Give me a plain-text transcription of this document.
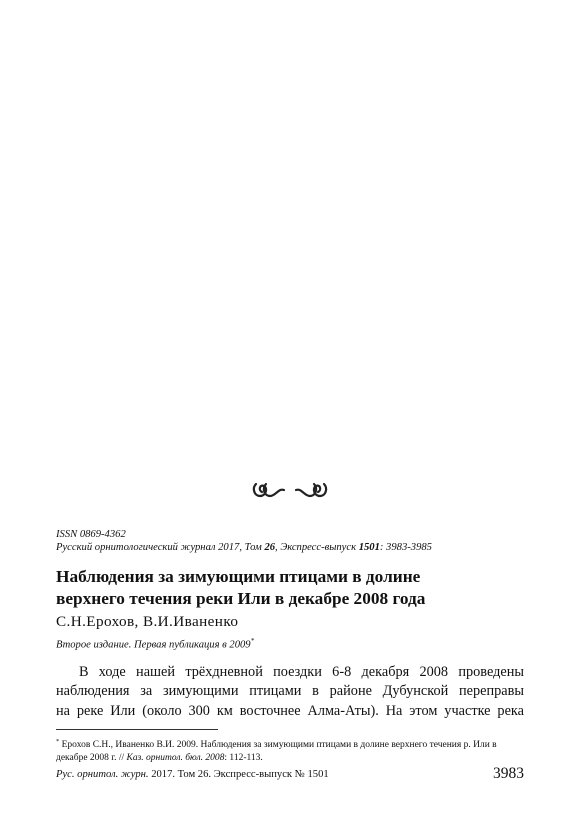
ISSN 0869-4362
Русский орнитологический журнал 2017, Том 26, Экспресс-выпуск 1501: 3983-3985
Наблюдения за зимующими птицами в долине
верхнего течения реки Или в декабре 2008 года
С.Н.Ерохов, В.И.Иваненко
Второе издание. Первая публикация в 2009*

В ходе нашей трёхдневной поездки 6-8 декабря 2008 проведены
наблюдения за зимующими птицами в районе Дубунской переправы
на реке Или (около 300 км восточнее Алма-Аты). На этом участке река

* Ерохов С.Н., Иваненко В.И. 2009. Наблюдения за зимующими птицами в долине верхнего течения р. Или в декабре 2008 г. // Каз. орнитол. бюл. 2008: 112-113.
Рус. орнитол. журн. 2017. Том 26. Экспресс-выпуск № 1501	3983
